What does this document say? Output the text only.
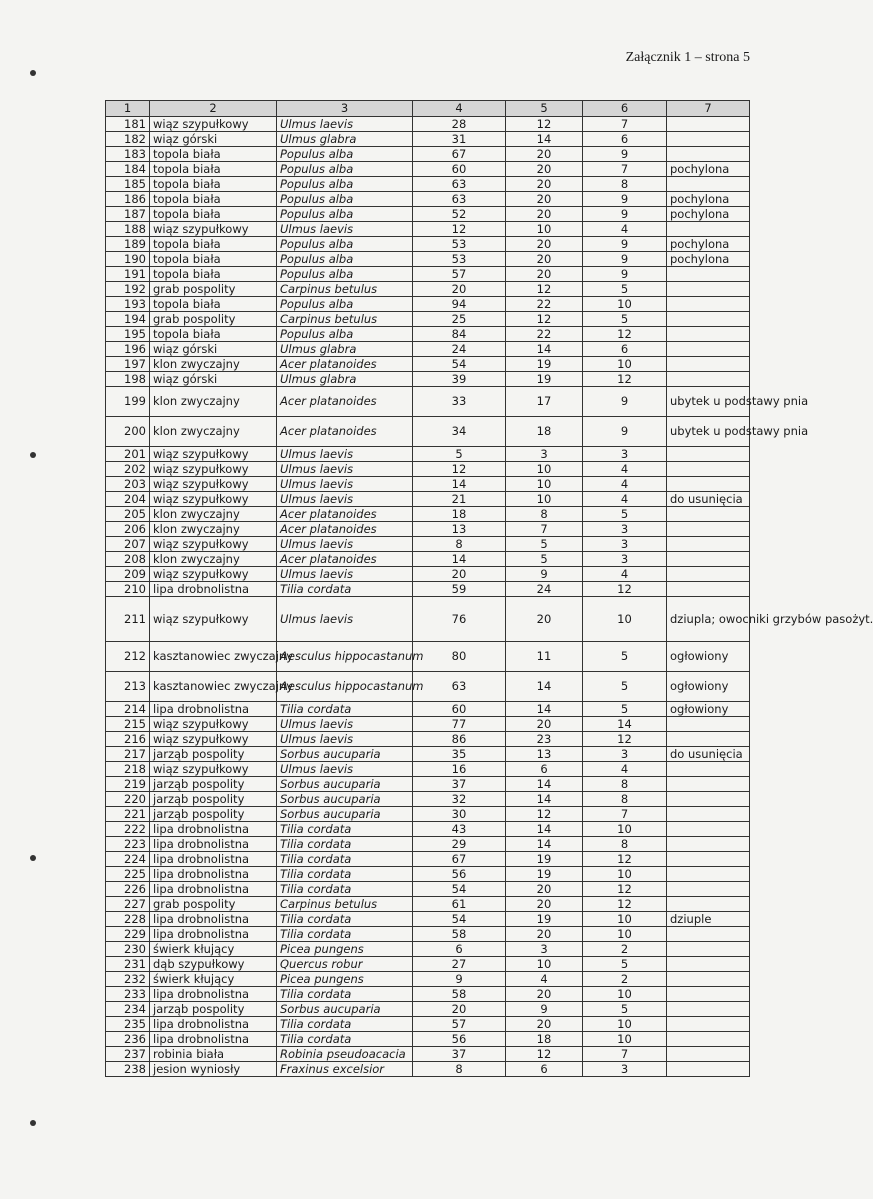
Załącznik 1 – strona 5
1	2	3	4	5	6	7
181	wiąz szypułkowy	Ulmus laevis	28	12	7	
182	wiąz górski	Ulmus glabra	31	14	6	
183	topola biała	Populus alba	67	20	9	
184	topola biała	Populus alba	60	20	7	pochylona
185	topola biała	Populus alba	63	20	8	
186	topola biała	Populus alba	63	20	9	pochylona
187	topola biała	Populus alba	52	20	9	pochylona
188	wiąz szypułkowy	Ulmus laevis	12	10	4	
189	topola biała	Populus alba	53	20	9	pochylona
190	topola biała	Populus alba	53	20	9	pochylona
191	topola biała	Populus alba	57	20	9	
192	grab pospolity	Carpinus betulus	20	12	5	
193	topola biała	Populus alba	94	22	10	
194	grab pospolity	Carpinus betulus	25	12	5	
195	topola biała	Populus alba	84	22	12	
196	wiąz górski	Ulmus glabra	24	14	6	
197	klon zwyczajny	Acer platanoides	54	19	10	
198	wiąz górski	Ulmus glabra	39	19	12	
199	klon zwyczajny	Acer platanoides	33	17	9	ubytek u podstawy pnia
200	klon zwyczajny	Acer platanoides	34	18	9	ubytek u podstawy pnia
201	wiąz szypułkowy	Ulmus laevis	5	3	3	
202	wiąz szypułkowy	Ulmus laevis	12	10	4	
203	wiąz szypułkowy	Ulmus laevis	14	10	4	
204	wiąz szypułkowy	Ulmus laevis	21	10	4	do usunięcia
205	klon zwyczajny	Acer platanoides	18	8	5	
206	klon zwyczajny	Acer platanoides	13	7	3	
207	wiąz szypułkowy	Ulmus laevis	8	5	3	
208	klon zwyczajny	Acer platanoides	14	5	3	
209	wiąz szypułkowy	Ulmus laevis	20	9	4	
210	lipa drobnolistna	Tilia cordata	59	24	12	
211	wiąz szypułkowy	Ulmus laevis	76	20	10	dziupla; owocniki grzybów pasożyt.
212	kasztanowiec zwyczajny	Aesculus hippocastanum	80	11	5	ogłowiony
213	kasztanowiec zwyczajny	Aesculus hippocastanum	63	14	5	ogłowiony
214	lipa drobnolistna	Tilia cordata	60	14	5	ogłowiony
215	wiąz szypułkowy	Ulmus laevis	77	20	14	
216	wiąz szypułkowy	Ulmus laevis	86	23	12	
217	jarząb pospolity	Sorbus aucuparia	35	13	3	do usunięcia
218	wiąz szypułkowy	Ulmus laevis	16	6	4	
219	jarząb pospolity	Sorbus aucuparia	37	14	8	
220	jarząb pospolity	Sorbus aucuparia	32	14	8	
221	jarząb pospolity	Sorbus aucuparia	30	12	7	
222	lipa drobnolistna	Tilia cordata	43	14	10	
223	lipa drobnolistna	Tilia cordata	29	14	8	
224	lipa drobnolistna	Tilia cordata	67	19	12	
225	lipa drobnolistna	Tilia cordata	56	19	10	
226	lipa drobnolistna	Tilia cordata	54	20	12	
227	grab pospolity	Carpinus betulus	61	20	12	
228	lipa drobnolistna	Tilia cordata	54	19	10	dziuple
229	lipa drobnolistna	Tilia cordata	58	20	10	
230	świerk kłujący	Picea pungens	6	3	2	
231	dąb szypułkowy	Quercus robur	27	10	5	
232	świerk kłujący	Picea pungens	9	4	2	
233	lipa drobnolistna	Tilia cordata	58	20	10	
234	jarząb pospolity	Sorbus aucuparia	20	9	5	
235	lipa drobnolistna	Tilia cordata	57	20	10	
236	lipa drobnolistna	Tilia cordata	56	18	10	
237	robinia biała	Robinia pseudoacacia	37	12	7	
238	jesion wyniosły	Fraxinus excelsior	8	6	3	
